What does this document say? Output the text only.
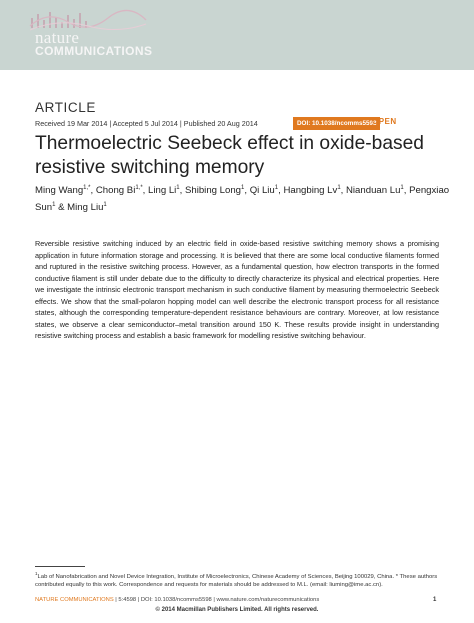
nature
COMMUNICATIONS
ARTICLE
Received 19 Mar 2014 | Accepted 5 Jul 2014 | Published 20 Aug 2014	DOI: 10.1038/ncomms5598
OPEN
Thermoelectric Seebeck effect in oxide-based resistive switching memory
Ming Wang$^{1,*}$, Chong $Bi^{1,*}$, Ling Li$^1$, Shibing Long$^1$, Qi Liu$^1$, Hangbing Lv$^1$, Nianduan Lu$^1$, Pengxiao Sun$^1$ & Ming Liu$^1$

Reversible resistive switching induced by an electric field in oxide-based resistive switching memory shows a promising application in future information storage and processing. It is believed that there are some local conductive filaments formed and ruptured in the resistive switching process. However, as a fundamental question, how electron transports in the formed conductive filament is still under debate due to the difficulty to directly characterize its physical and electrical properties. Here we investigate the intrinsic electronic transport mechanism in such conductive filament by measuring thermoelectric Seebeck effects. We show that the small-polaron hopping model can well describe the electronic transport process for all resistance states, although the corresponding temperature-dependent resistance behaviours are contrary. Moreover, at low resistance states, we observe a clear semiconductor–metal transition around 150 K. These results provide insight in understanding resistive switching process and establish a basic framework for modelling resistive switching behaviour.

$^1$Lab of Nanofabrication and Novel Device Integration, Institute of Microelectronics, Chinese Academy of Sciences, Beijing 100029, China. * These authors contributed equally to this work. Correspondence and requests for materials should be addressed to M.L. (email: liuming@ime.ac.cn).

NATURE COMMUNICATIONS | 5:4598 | DOI: 10.1038/ncomms5598 | www.nature.com/naturecommunications	1
© 2014 Macmillan Publishers Limited. All rights reserved.
